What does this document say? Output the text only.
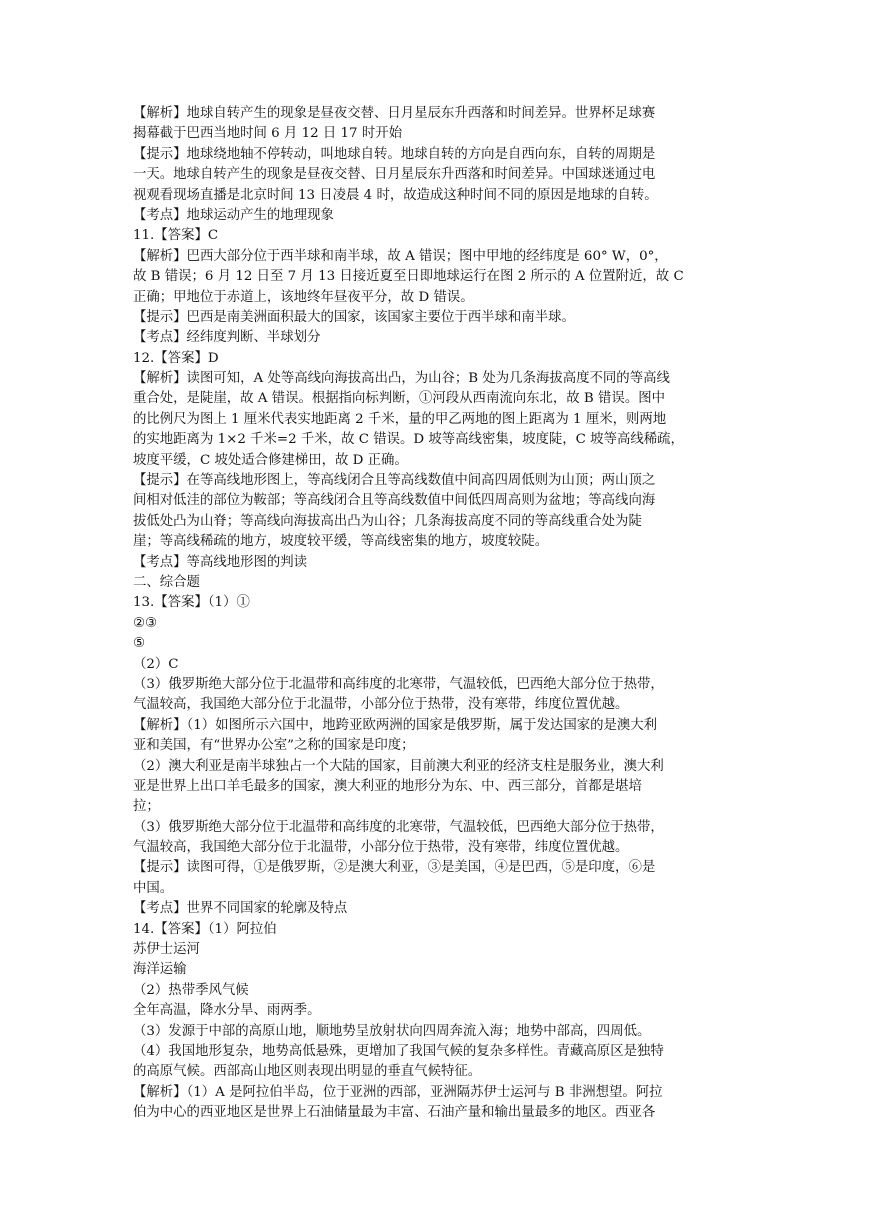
【解析】地球自转产生的现象是昼夜交替、日月星辰东升西落和时间差异。世界杯足球赛
揭幕截于巴西当地时间 6 月 12 日 17 时开始
【提示】地球绕地轴不停转动，叫地球自转。地球自转的方向是自西向东，自转的周期是
一天。地球自转产生的现象是昼夜交替、日月星辰东升西落和时间差异。中国球迷通过电
视观看现场直播是北京时间 13 日凌晨 4 时，故造成这种时间不同的原因是地球的自转。
【考点】地球运动产生的地理现象
11.【答案】C
【解析】巴西大部分位于西半球和南半球，故 A 错误；图中甲地的经纬度是 60° W，0°，
故 B 错误；6 月 12 日至 7 月 13 日接近夏至日即地球运行在图 2 所示的 A 位置附近，故 C
正确；甲地位于赤道上，该地终年昼夜平分，故 D 错误。
【提示】巴西是南美洲面积最大的国家，该国家主要位于西半球和南半球。
【考点】经纬度判断、半球划分
12.【答案】D
【解析】读图可知，A 处等高线向海拔高出凸，为山谷；B 处为几条海拔高度不同的等高线
重合处，是陡崖，故 A 错误。根据指向标判断，①河段从西南流向东北，故 B 错误。图中
的比例尺为图上 1 厘米代表实地距离 2 千米，量的甲乙两地的图上距离为 1 厘米，则两地
的实地距离为 1×2 千米=2 千米，故 C 错误。D 坡等高线密集，坡度陡，C 坡等高线稀疏，
坡度平缓，C 坡处适合修建梯田，故 D 正确。
【提示】在等高线地形图上，等高线闭合且等高线数值中间高四周低则为山顶；两山顶之
间相对低洼的部位为鞍部；等高线闭合且等高线数值中间低四周高则为盆地；等高线向海
拔低处凸为山脊；等高线向海拔高出凸为山谷；几条海拔高度不同的等高线重合处为陡
崖；等高线稀疏的地方，坡度较平缓，等高线密集的地方，坡度较陡。
【考点】等高线地形图的判读
二、综合题
13.【答案】（1）①
②③
⑤
（2）C
（3）俄罗斯绝大部分位于北温带和高纬度的北寒带，气温较低，巴西绝大部分位于热带，
气温较高，我国绝大部分位于北温带，小部分位于热带，没有寒带，纬度位置优越。
【解析】（1）如图所示六国中，地跨亚欧两洲的国家是俄罗斯，属于发达国家的是澳大利
亚和美国，有“世界办公室”之称的国家是印度；
（2）澳大利亚是南半球独占一个大陆的国家，目前澳大利亚的经济支柱是服务业，澳大利
亚是世界上出口羊毛最多的国家，澳大利亚的地形分为东、中、西三部分，首都是堪培
拉；
（3）俄罗斯绝大部分位于北温带和高纬度的北寒带，气温较低，巴西绝大部分位于热带，
气温较高，我国绝大部分位于北温带，小部分位于热带，没有寒带，纬度位置优越。
【提示】读图可得，①是俄罗斯，②是澳大利亚，③是美国，④是巴西，⑤是印度，⑥是
中国。
【考点】世界不同国家的轮廓及特点
14.【答案】（1）阿拉伯
苏伊士运河
海洋运输
（2）热带季风气候
全年高温，降水分旱、雨两季。
（3）发源于中部的高原山地，顺地势呈放射状向四周奔流入海；地势中部高，四周低。
（4）我国地形复杂，地势高低悬殊，更增加了我国气候的复杂多样性。青藏高原区是独特
的高原气候。西部高山地区则表现出明显的垂直气候特征。
【解析】（1）A 是阿拉伯半岛，位于亚洲的西部，亚洲隔苏伊士运河与 B 非洲想望。阿拉
伯为中心的西亚地区是世界上石油储量最为丰富、石油产量和输出量最多的地区。西亚各
